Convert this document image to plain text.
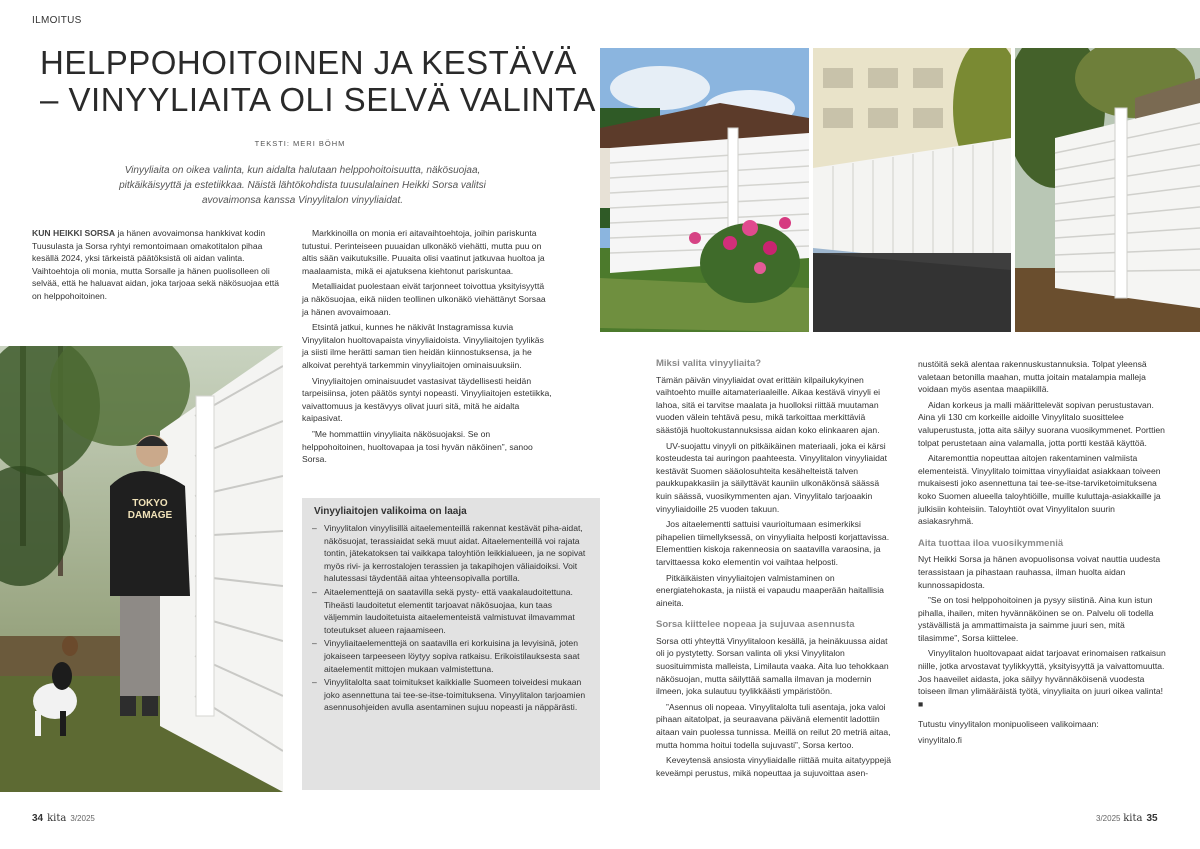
ILMOITUS
HELPPOHOITOINEN JA KESTÄVÄ
– VINYYLIAITA OLI SELVÄ VALINTA
TEKSTI: MERI BÖHM
Vinyyliaita on oikea valinta, kun aidalta halutaan helppohoitoisuutta, näkösuojaa, pitkäikäisyyttä ja estetiikkaa. Näistä lähtökohdista tuusulalainen Heikki Sorsa valitsi avovaimonsa kanssa Vinyylitalon vinyyliaidat.

KUN HEIKKI SORSA ja hänen avovaimonsa hankkivat kodin Tuusulasta ja Sorsa ryhtyi remontoimaan omakotitalon pihaa kesällä 2024, yksi tärkeistä päätöksistä oli aidan valinta. Vaihtoehtoja oli monia, mutta Sorsalle ja hänen puolisolleen oli selvää, että he haluavat aidan, joka tarjoaa sekä näkösuojaa että on helppohoitoinen.

Markkinoilla on monia eri aitavaihtoehtoja, joihin pariskunta tutustui. Perinteiseen puuaidan ulkonäkö viehätti, mutta puu on altis sään vaikutuksille. Puuaita olisi vaatinut jatkuvaa huoltoa ja maalaamista, mikä ei ajatuksena kiehtonut pariskuntaa.

Metalliaidat puolestaan eivät tarjonneet toivottua yksityisyyttä ja näkösuojaa, eikä niiden teollinen ulkonäkö viehättänyt Sorsaa ja hänen avovaimoaan.

Etsintä jatkui, kunnes he näkivät Instagramissa kuvia Vinyylitalon huoltovapaista vinyyliaidoista. Vinyyliaitojen tyylikäs ja siisti ilme herätti saman tien heidän kiinnostuksensa, ja he alkoivat perehtyä tarkemmin vinyyliaitojen ominaisuuksiin.

Vinyyliaitojen ominaisuudet vastasivat täydellisesti heidän tarpeisiinsa, joten päätös syntyi nopeasti. Vinyyliaitojen estetiikka, vaivattomuus ja kestävyys olivat juuri sitä, mitä he aidalta kaipasivat.

”Me hommattiin vinyyliaita näkösuojaksi. Se on helppohoitoinen, huoltovapaa ja tosi hyvän näköinen”, sanoo Sorsa.

Vinyyliaitojen valikoima on laaja
– Vinyylitalon vinyylisillä aitaelementeillä rakennat kestävät piha-aidat, näkösuojat, terassiaidat sekä muut aidat. Aitaelementeillä voi rajata tontin, jätekatoksen tai vaikkapa taloyhtiön leikkialueen, ja ne sopivat myös rivi- ja kerrostalojen terassien ja takapihojen väliaidoiksi. Voit halutessasi täydentää aitaa yhteensopivalla portilla.
– Aitaelementtejä on saatavilla sekä pysty- että vaakalaudoitettuna. Tiheästi laudoitetut elementit tarjoavat näkösuojaa, kun taas väljemmin laudoitetuista aitaelementeistä valmistuvat ilmavammat toteutukset alueen rajaamiseen.
– Vinyyliaitaelementtejä on saatavilla eri korkuisina ja levyisinä, joten jokaiseen tarpeeseen löytyy sopiva ratkaisu. Erikoistilauksesta saat aitaelementit mittojen mukaan valmistettuna.
– Vinyylitalolta saat toimitukset kaikkialle Suomeen toiveidesi mukaan joko asennettuna tai tee-se-itse-toimituksena. Vinyylitalon tarjoamien asennusohjeiden avulla asentaminen sujuu nopeasti ja näppärästi.
TOKYO
DAMAGE
34 kita 3/2025
Miksi valita vinyyliaita?

Tämän päivän vinyyliaidat ovat erittäin kilpailukykyinen vaihtoehto muille aitamateriaaleille. Aikaa kestävä vinyyli ei lahoa, sitä ei tarvitse maalata ja huolloksi riittää muutaman vuoden välein tehtävä pesu, mikä tarkoittaa merkittäviä säästöjä huoltokustannuksissa aidan koko elinkaaren ajan.

UV-suojattu vinyyli on pitkäikäinen materiaali, joka ei kärsi kosteudesta tai auringon paahteesta. Vinyylitalon vinyyliaidat kestävät Suomen sääolosuhteita kesähelteistä talven paukkupakkasiin ja säilyttävät kauniin ulkonäkönsä säässä kuin säässä, vuosikymmenten ajan. Vinyylitalo tarjoaakin vinyyliaidoille 25 vuoden takuun.

Jos aitaelementti sattuisi vaurioitumaan esimerkiksi pihapelien tiimellyksessä, on vinyyliaita helposti korjattavissa. Elementtien kiskoja rakenneosia on saatavilla varaosina, ja tarvittaessa koko elementin voi vaihtaa helposti.

Pitkäikäisten vinyyliaitojen valmistaminen on energiatehokasta, ja niistä ei vapaudu maaperään haitallisia aineita.

Sorsa kiittelee nopeaa ja sujuvaa asennusta

Sorsa otti yhteyttä Vinyylitaloon kesällä, ja heinäkuussa aidat oli jo pystytetty. Sorsan valinta oli yksi Vinyylitalon suosituimmista malleista, Limilauta vaaka. Aita luo tehokkaan näkösuojan, mutta säilyttää samalla ilmavan ja modernin ilmeen, joka sulautuu tyylikkäästi ympäristöön.

”Asennus oli nopeaa. Vinyylitalolta tuli asentaja, joka valoi pihaan aitatolpat, ja seuraavana päivänä elementit ladottiin aitaan vain puolessa tunnissa. Meillä on reilut 20 metriä aitaa, mutta homma hoitui todella sujuvasti”, Sorsa kertoo.

Keveytensä ansiosta vinyyliaidalle riittää muita aitatyyppejä keveämpi perustus, mikä nopeuttaa ja sujuvoittaa asen-

nustöitä sekä alentaa rakennuskustannuksia. Tolpat yleensä valetaan betonilla maahan, mutta joitain matalampia malleja voidaan myös asentaa maapiikillä.

Aidan korkeus ja malli määrittelevät sopivan perustustavan. Aina yli 130 cm korkeille aidoille Vinyylitalo suosittelee valuperustusta, jotta aita säilyy suorana vuosikymmenet. Porttien tolpat perustetaan aina valamalla, jotta portti kestää käyttöä.

Aitaremonttia nopeuttaa aitojen rakentaminen valmiista elementeistä. Vinyylitalo toimittaa vinyyliaidat asiakkaan toiveen mukaisesti joko asennettuna tai tee-se-itse-tarviketoimituksena koko Suomen alueella taloyhtiöille, muille kuluttaja-asiakkaille ja julkisiin kohteisiin. Taloyhtiöt ovat Vinyylitalon suurin asiakasryhmä.

Aita tuottaa iloa vuosikymmeniä

Nyt Heikki Sorsa ja hänen avopuolisonsa voivat nauttia uudesta terassistaan ja pihastaan rauhassa, ilman huolta aidan kunnossapidosta.

”Se on tosi helppohoitoinen ja pysyy siistinä. Aina kun istun pihalla, ihailen, miten hyvännäköinen se on. Palvelu oli todella ystävällistä ja ammattimaista ja saimme juuri sen, mitä tilasimme”, Sorsa kiittelee.

Vinyylitalon huoltovapaat aidat tarjoavat erinomaisen ratkaisun niille, jotka arvostavat tyylikkyyttä, yksityisyyttä ja vaivattomuutta. Jos haaveilet aidasta, joka säilyy hyvännäköisenä vuodesta toiseen ilman ylimääräistä työtä, vinyyliaita on juuri oikea valinta! ■

Tutustu vinyylitalon monipuoliseen valikoimaan:

vinyylitalo.fi

3/2025 kita 35
